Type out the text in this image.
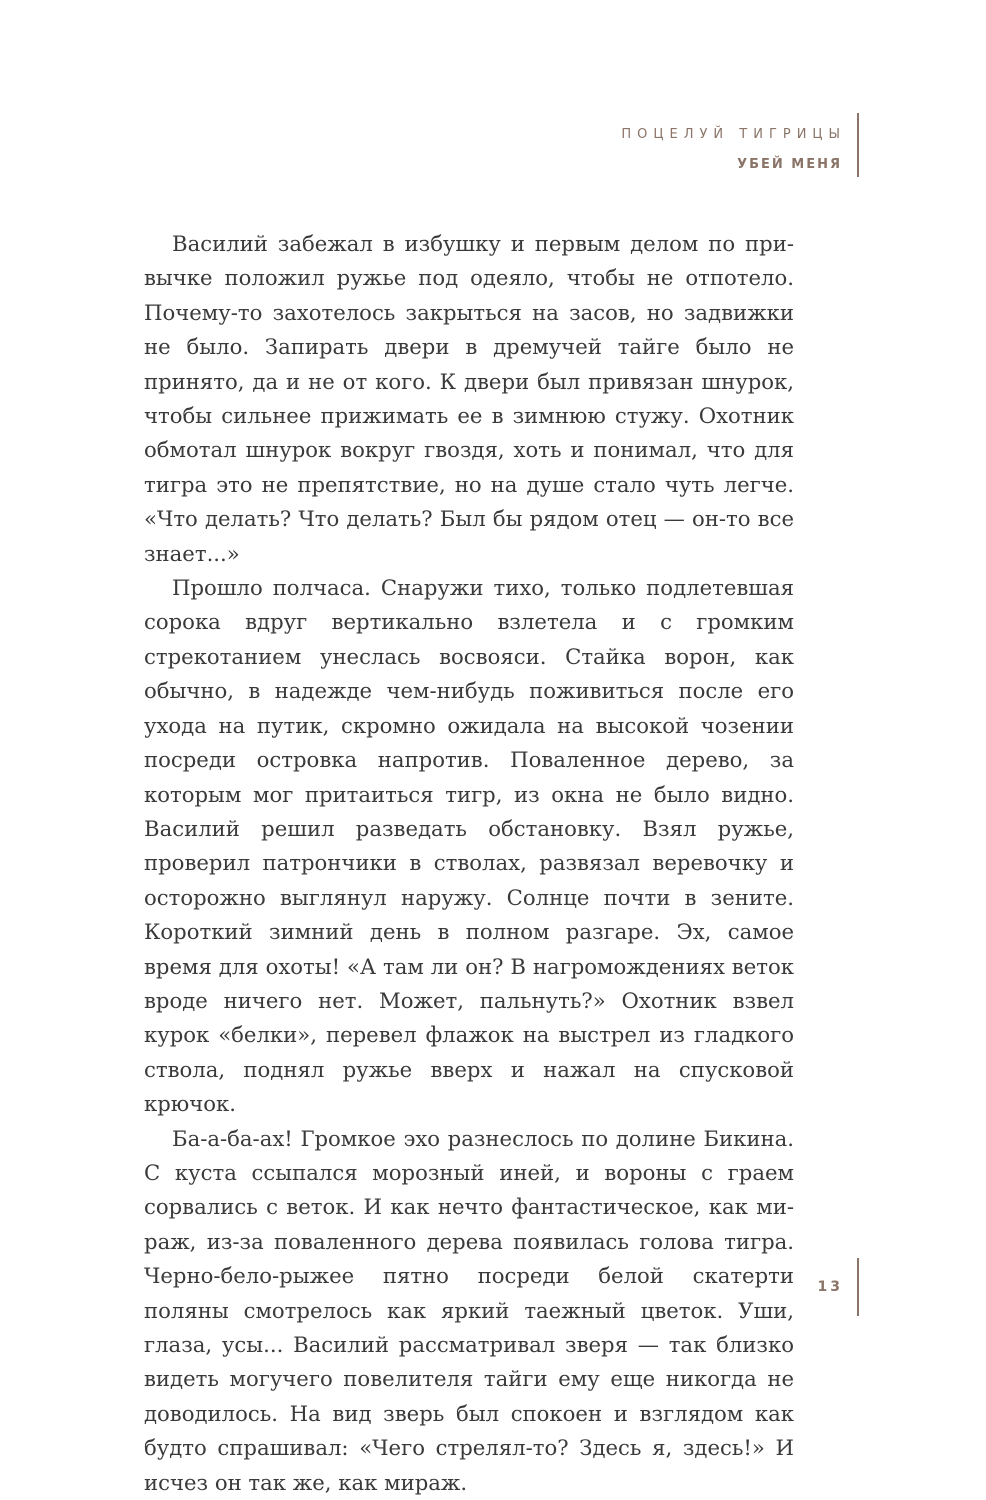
ПОЦЕЛУЙ ТИГРИЦЫ
УБЕЙ МЕНЯ

Василий забежал в избушку и первым делом по привычке положил ружье под одеяло, чтобы не отпотело. Почему-то захотелось закрыться на засов, но задвижки не было. Запирать двери в дремучей тайге было не принято, да и не от кого. К двери был привязан шнурок, чтобы сильнее прижимать ее в зимнюю стужу. Охотник обмотал шнурок вокруг гвоздя, хоть и понимал, что для тигра это не препятствие, но на душе стало чуть легче. «Что делать? Что делать? Был бы рядом отец — он-то все знает...»

Прошло полчаса. Снаружи тихо, только подлетевшая сорока вдруг вертикально взлетела и с громким стрекотанием унеслась восвояси. Стайка ворон, как обычно, в надежде чем-нибудь поживиться после его ухода на путик, скромно ожидала на высокой чозении посреди островка напротив. Поваленное дерево, за которым мог притаиться тигр, из окна не было видно. Василий решил разведать обстановку. Взял ружье, проверил патрончики в стволах, развязал веревочку и осторожно выглянул наружу. Солнце почти в зените. Короткий зимний день в полном разгаре. Эх, самое время для охоты! «А там ли он? В нагромождениях веток вроде ничего нет. Может, пальнуть?» Охотник взвел курок «белки», перевел флажок на выстрел из гладкого ствола, поднял ружье вверх и нажал на спусковой крючок.

Ба-а-ба-ах! Громкое эхо разнеслось по долине Бикина. С куста ссыпался морозный иней, и вороны с граем сорвались с веток. И как нечто фантастическое, как мираж, из-за поваленного дерева появилась голова тигра. Черно-бело-рыжее пятно посреди белой скатерти поляны смотрелось как яркий таежный цветок. Уши, глаза, усы... Василий рассматривал зверя — так близко видеть могучего повелителя тайги ему еще никогда не доводилось. На вид зверь был спокоен и взглядом как будто спрашивал: «Чего стрелял-то? Здесь я, здесь!» И исчез он так же, как мираж.

13
